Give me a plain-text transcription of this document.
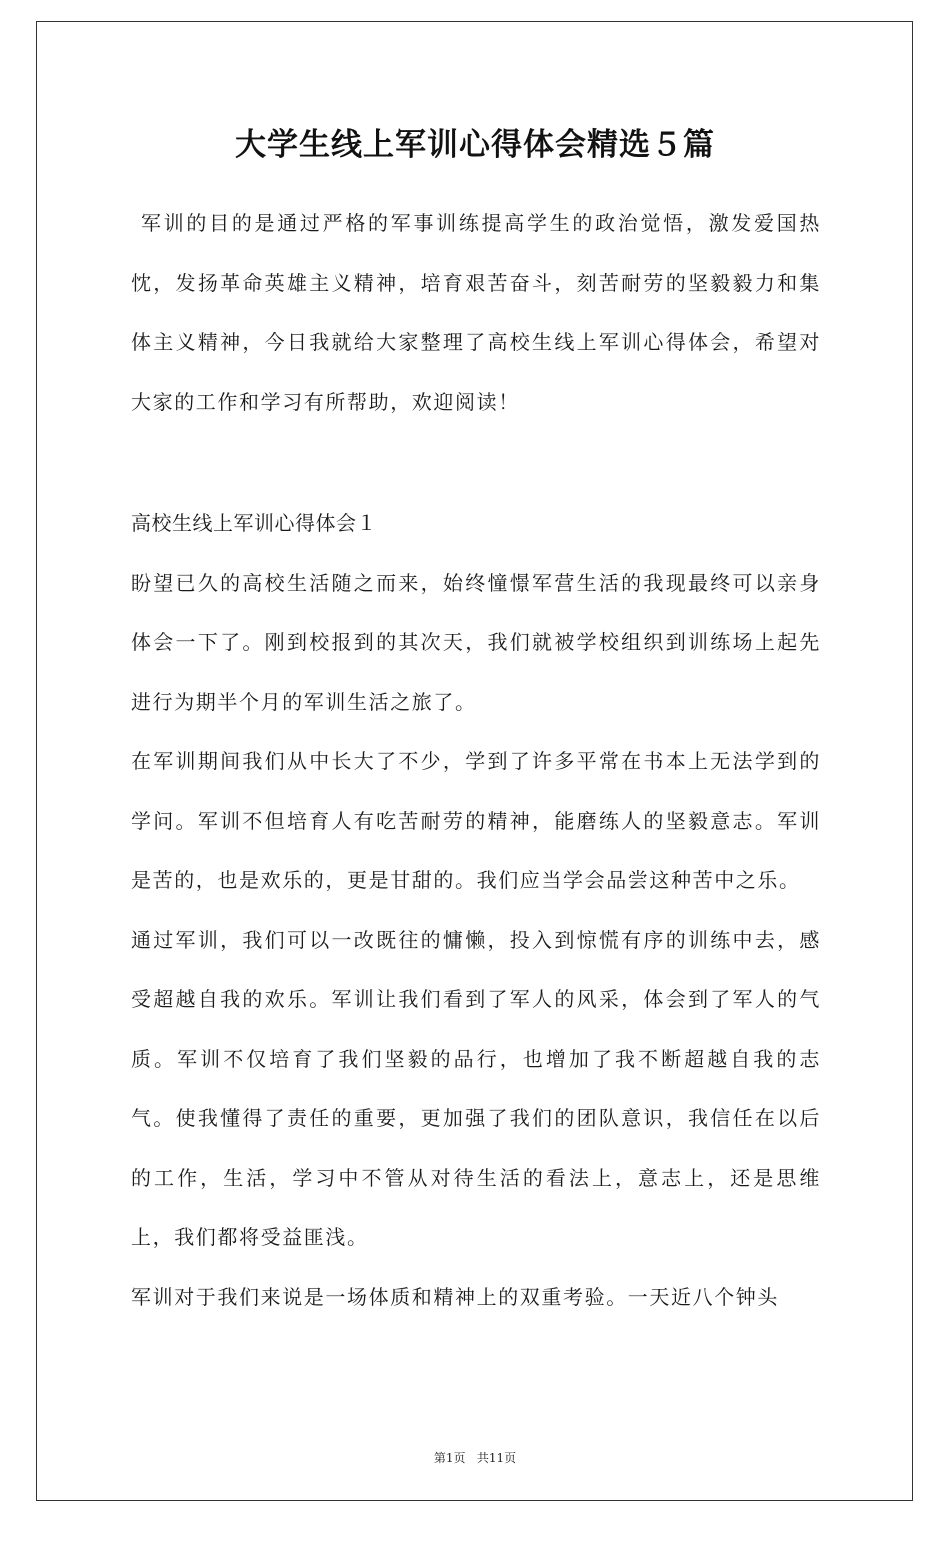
大学生线上军训心得体会精选５篇

军训的目的是通过严格的军事训练提高学生的政治觉悟，激发爱国热忱，发扬革命英雄主义精神，培育艰苦奋斗，刻苦耐劳的坚毅毅力和集体主义精神，今日我就给大家整理了高校生线上军训心得体会，希望对大家的工作和学习有所帮助，欢迎阅读！

高校生线上军训心得体会１

盼望已久的高校生活随之而来，始终憧憬军营生活的我现最终可以亲身体会一下了。刚到校报到的其次天，我们就被学校组织到训练场上起先进行为期半个月的军训生活之旅了。

在军训期间我们从中长大了不少，学到了许多平常在书本上无法学到的学问。军训不但培育人有吃苦耐劳的精神，能磨练人的坚毅意志。军训是苦的，也是欢乐的，更是甘甜的。我们应当学会品尝这种苦中之乐。

通过军训，我们可以一改既往的慵懒，投入到惊慌有序的训练中去，感受超越自我的欢乐。军训让我们看到了军人的风采，体会到了军人的气质。军训不仅培育了我们坚毅的品行，也增加了我不断超越自我的志气。使我懂得了责任的重要，更加强了我们的团队意识，我信任在以后的工作，生活，学习中不管从对待生活的看法上，意志上，还是思维上，我们都将受益匪浅。

军训对于我们来说是一场体质和精神上的双重考验。一天近八个钟头

第1页 共11页
